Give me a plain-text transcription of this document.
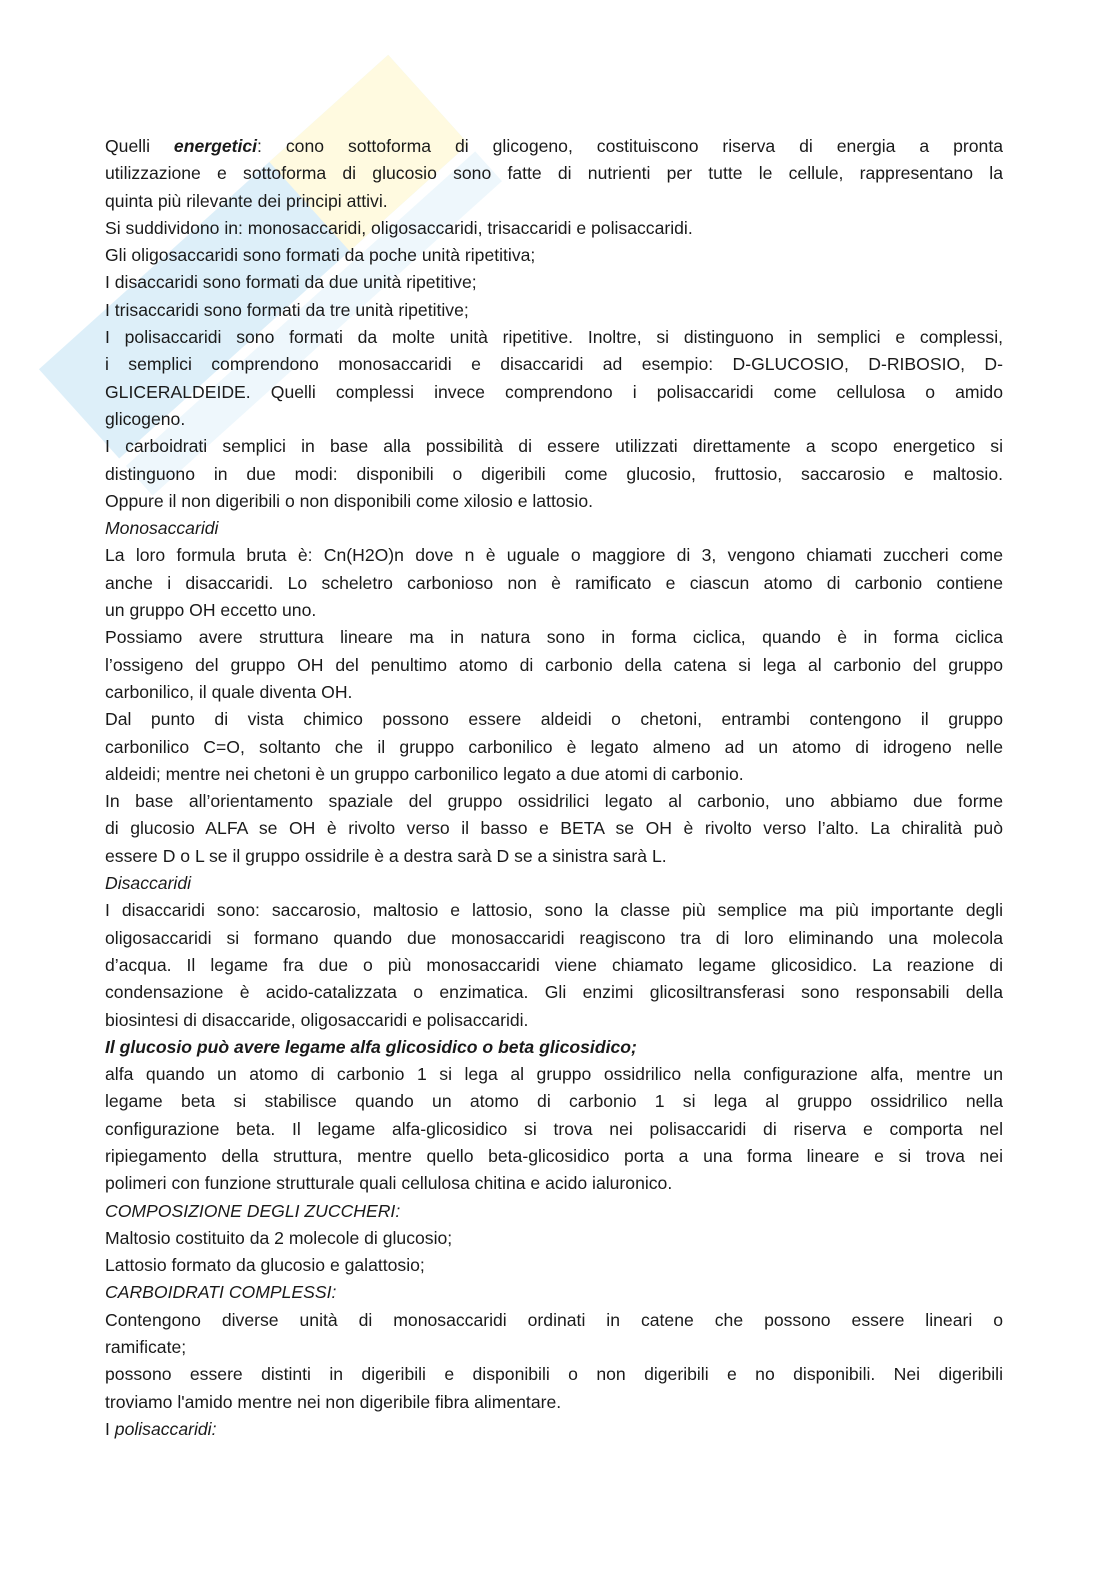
Quelli energetici: cono sottoforma di glicogeno, costituiscono riserva di energia a pronta
utilizzazione e sottoforma di glucosio sono fatte di nutrienti per tutte le cellule, rappresentano la
quinta più rilevante dei principi attivi.
Si suddividono in: monosaccaridi, oligosaccaridi, trisaccaridi e polisaccaridi.
Gli oligosaccaridi sono formati da poche unità ripetitiva;
I disaccaridi sono formati da due unità ripetitive;
I trisaccaridi sono formati da tre unità ripetitive;
I polisaccaridi sono formati da molte unità ripetitive. Inoltre, si distinguono in semplici e complessi,
i semplici comprendono monosaccaridi e disaccaridi ad esempio: D-GLUCOSIO, D-RIBOSIO, D-
GLICERALDEIDE. Quelli complessi invece comprendono i polisaccaridi come cellulosa o amido
glicogeno.
I carboidrati semplici in base alla possibilità di essere utilizzati direttamente a scopo energetico si
distinguono in due modi: disponibili o digeribili come glucosio, fruttosio, saccarosio e maltosio.
Oppure il non digeribili o non disponibili come xilosio e lattosio.
Monosaccaridi
La loro formula bruta è: Cn(H2O)n dove n è uguale o maggiore di 3, vengono chiamati zuccheri come
anche i disaccaridi. Lo scheletro carbonioso non è ramificato e ciascun atomo di carbonio contiene
un gruppo OH eccetto uno.
Possiamo avere struttura lineare ma in natura sono in forma ciclica, quando è in forma ciclica
l’ossigeno del gruppo OH del penultimo atomo di carbonio della catena si lega al carbonio del gruppo
carbonilico, il quale diventa OH.
Dal punto di vista chimico possono essere aldeidi o chetoni, entrambi contengono il gruppo
carbonilico C=O, soltanto che il gruppo carbonilico è legato almeno ad un atomo di idrogeno nelle
aldeidi; mentre nei chetoni è un gruppo carbonilico legato a due atomi di carbonio.
In base all’orientamento spaziale del gruppo ossidrilici legato al carbonio, uno abbiamo due forme
di glucosio ALFA se OH è rivolto verso il basso e BETA se OH è rivolto verso l’alto. La chiralità può
essere D o L se il gruppo ossidrile è a destra sarà D se a sinistra sarà L.
Disaccaridi
I disaccaridi sono: saccarosio, maltosio e lattosio, sono la classe più semplice ma più importante degli
oligosaccaridi si formano quando due monosaccaridi reagiscono tra di loro eliminando una molecola
d’acqua. Il legame fra due o più monosaccaridi viene chiamato legame glicosidico. La reazione di
condensazione è acido-catalizzata o enzimatica. Gli enzimi glicosiltransferasi sono responsabili della
biosintesi di disaccaride, oligosaccaridi e polisaccaridi.
Il glucosio può avere legame alfa glicosidico o beta glicosidico;
alfa quando un atomo di carbonio 1 si lega al gruppo ossidrilico nella configurazione alfa, mentre un
legame beta si stabilisce quando un atomo di carbonio 1 si lega al gruppo ossidrilico nella
configurazione beta. Il legame alfa-glicosidico si trova nei polisaccaridi di riserva e comporta nel
ripiegamento della struttura, mentre quello beta-glicosidico porta a una forma lineare e si trova nei
polimeri con funzione strutturale quali cellulosa chitina e acido ialuronico.
COMPOSIZIONE DEGLI ZUCCHERI:
Maltosio costituito da 2 molecole di glucosio;
Lattosio formato da glucosio e galattosio;
CARBOIDRATI COMPLESSI:
Contengono diverse unità di monosaccaridi ordinati in catene che possono essere lineari o
ramificate;
possono essere distinti in digeribili e disponibili o non digeribili e no disponibili. Nei digeribili
troviamo l'amido mentre nei non digeribile fibra alimentare.
I polisaccaridi:
